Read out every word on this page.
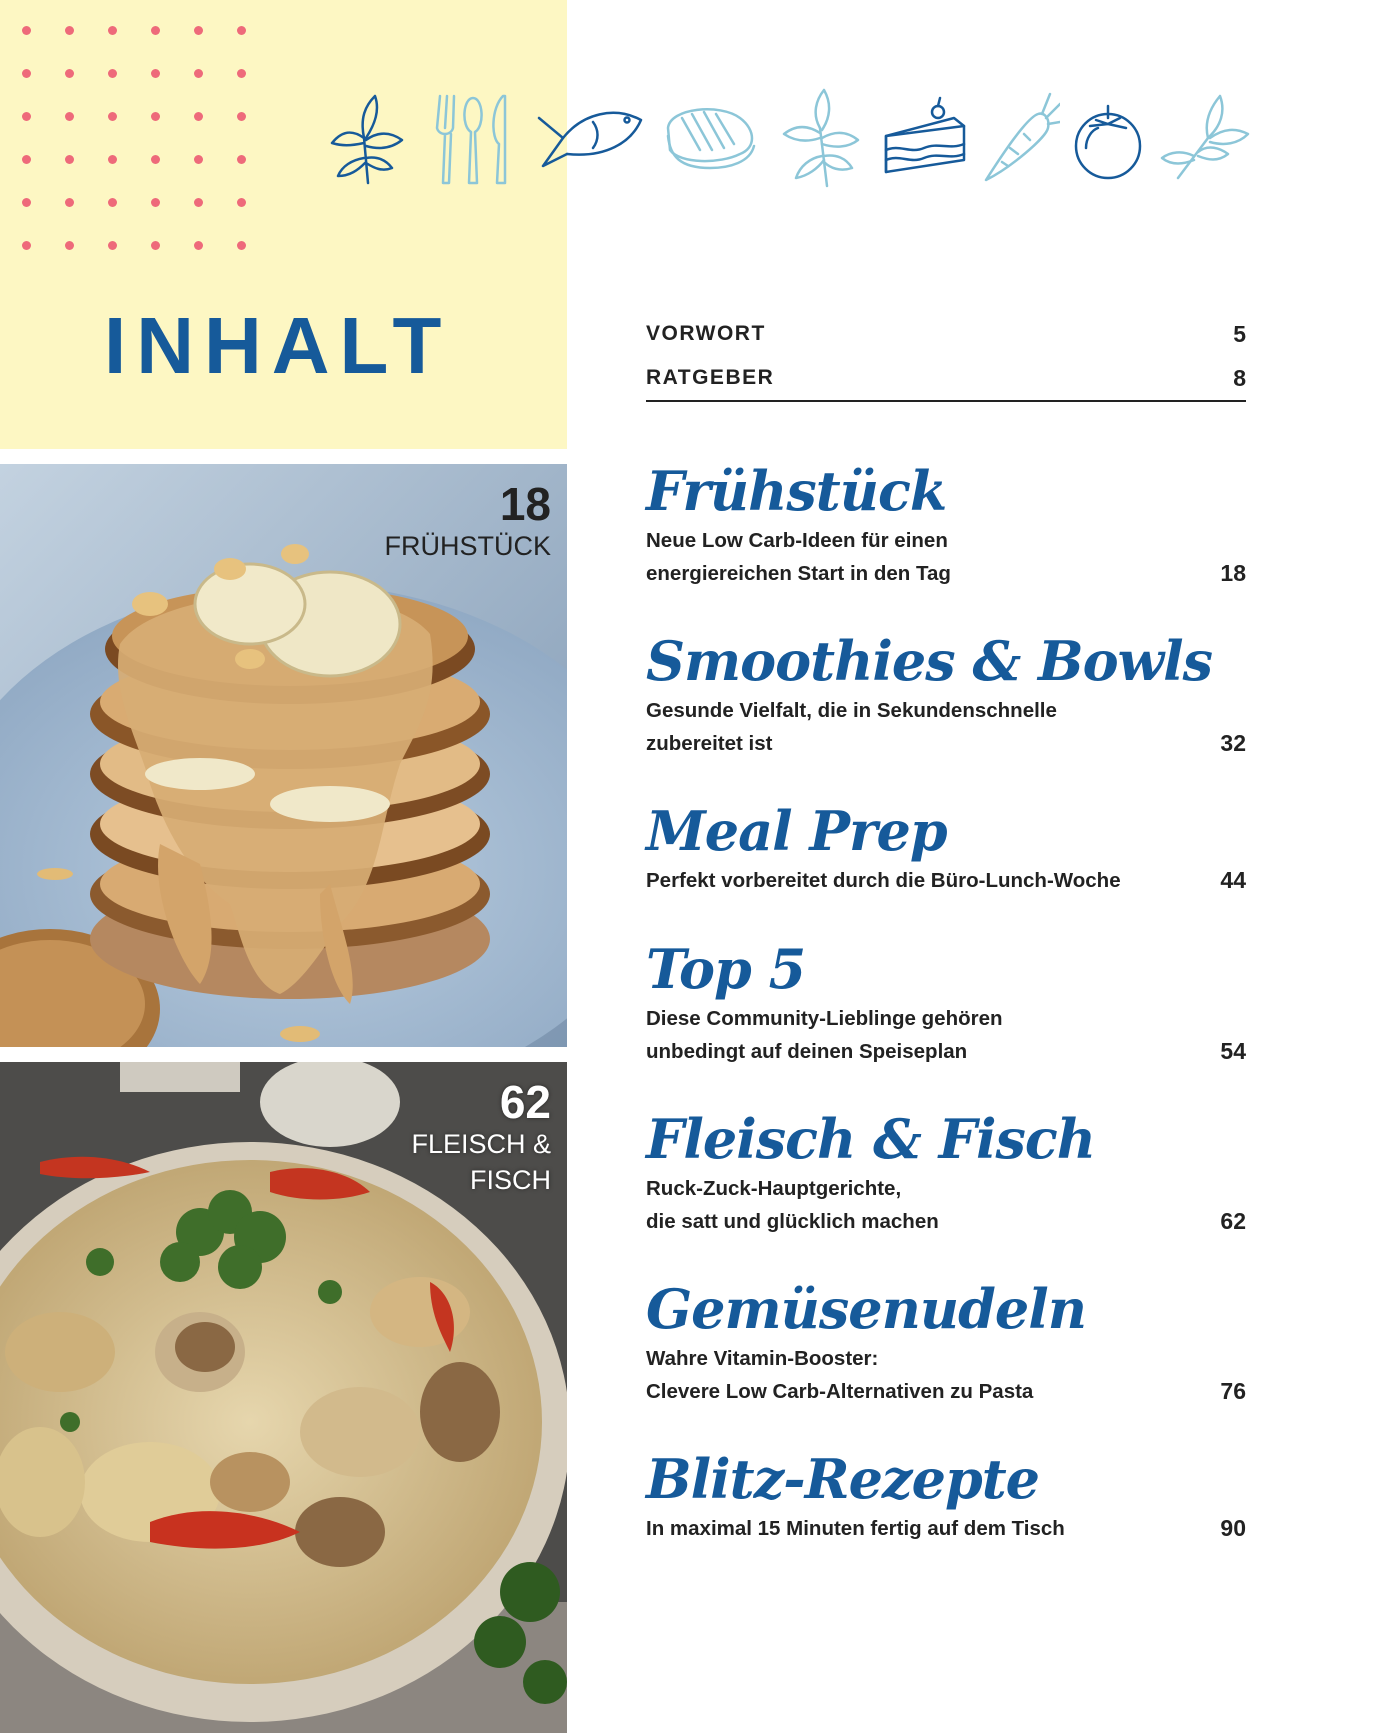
INHALT	VORWORT	5
RATGEBER	8
Frühstück
Neue Low Carb-Ideen für einen
energiereichen Start in den Tag	18
Smoothies & Bowls
Gesunde Vielfalt, die in Sekundenschnelle
zubereitet ist	32
Meal Prep
Perfekt vorbereitet durch die Büro-Lunch-Woche	44
Top 5
Diese Community-Lieblinge gehören
unbedingt auf deinen Speiseplan	54
Fleisch & Fisch
Ruck-Zuck-Hauptgerichte,
die satt und glücklich machen	62
Gemüsenudeln
Wahre Vitamin-Booster:
Clevere Low Carb-Alternativen zu Pasta	76
Blitz-Rezepte
In maximal 15 Minuten fertig auf dem Tisch	90
18
FRÜHSTÜCK
62
FLEISCH &
FISCH
